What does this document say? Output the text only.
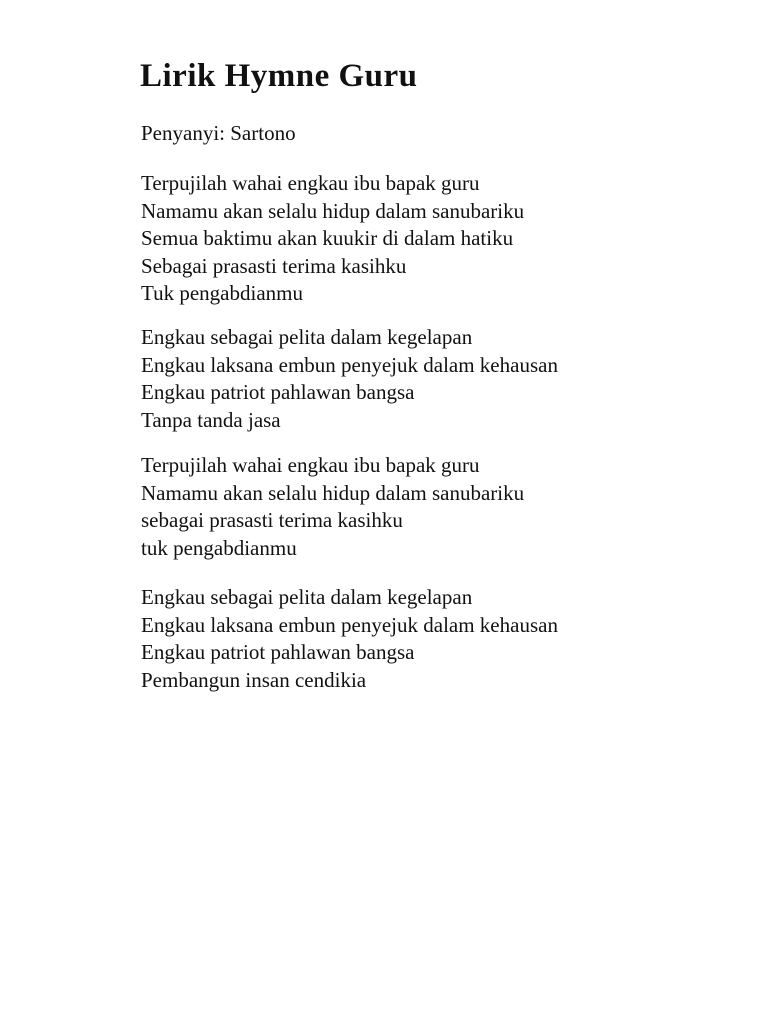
Lirik Hymne Guru
Penyanyi: Sartono
Terpujilah wahai engkau ibu bapak guru
Namamu akan selalu hidup dalam sanubariku
Semua baktimu akan kuukir di dalam hatiku
Sebagai prasasti terima kasihku
Tuk pengabdianmu
Engkau sebagai pelita dalam kegelapan
Engkau laksana embun penyejuk dalam kehausan
Engkau patriot pahlawan bangsa
Tanpa tanda jasa
Terpujilah wahai engkau ibu bapak guru
Namamu akan selalu hidup dalam sanubariku
sebagai prasasti terima kasihku
tuk pengabdianmu
Engkau sebagai pelita dalam kegelapan
Engkau laksana embun penyejuk dalam kehausan
Engkau patriot pahlawan bangsa
Pembangun insan cendikia
